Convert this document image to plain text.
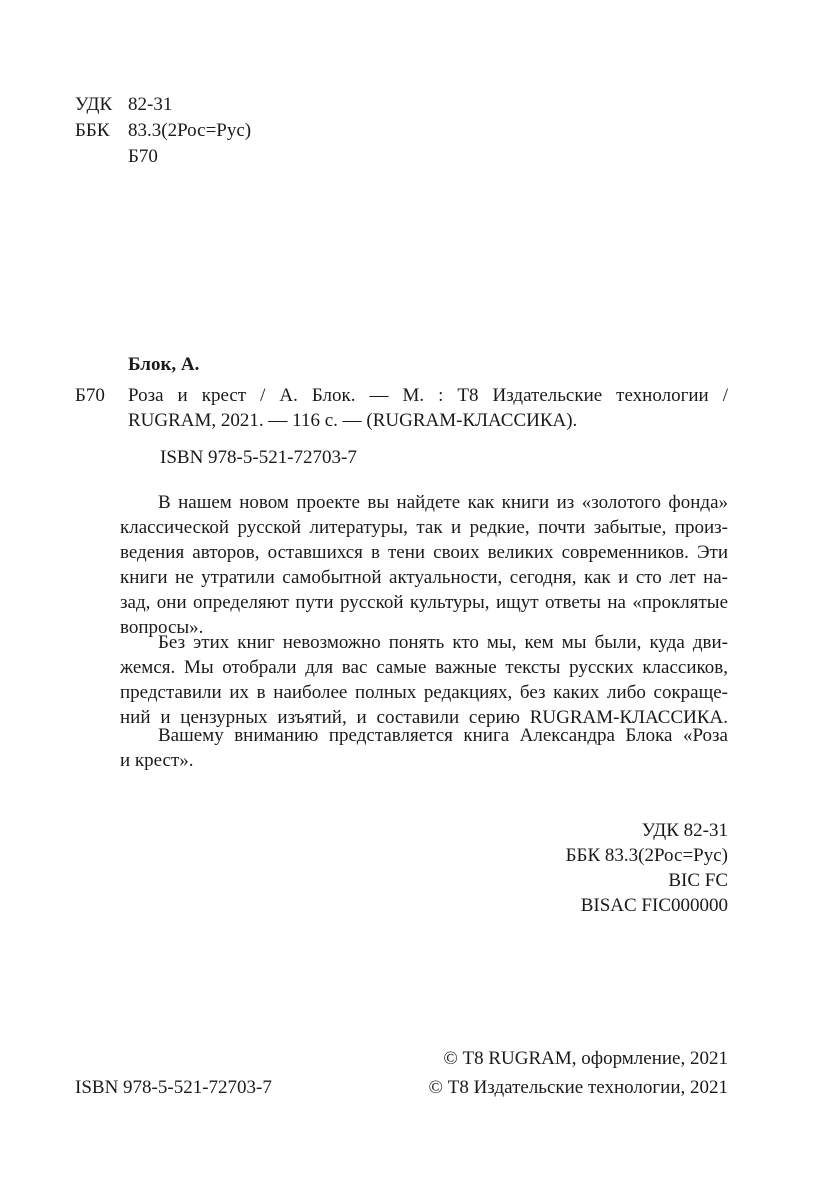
УДК 82-31
ББК 83.3(2Рос=Рус)
Б70
Блок, А.
Б70 Роза и крест / А. Блок. — М. : Т8 Издательские технологии /
RUGRAM, 2021. — 116 с. — (RUGRAM-КЛАССИКА).
ISBN 978-5-521-72703-7
В нашем новом проекте вы найдете как книги из «золотого фонда»
классической русской литературы, так и редкие, почти забытые, произ-
ведения авторов, оставшихся в тени своих великих современников. Эти
книги не утратили самобытной актуальности, сегодня, как и сто лет на-
зад, они определяют пути русской культуры, ищут ответы на «проклятые
вопросы».
Без этих книг невозможно понять кто мы, кем мы были, куда дви-
жемся. Мы отобрали для вас самые важные тексты русских классиков,
представили их в наиболее полных редакциях, без каких либо сокраще-
ний и цензурных изъятий, и составили серию RUGRAM-КЛАССИКА.
Вашему вниманию представляется книга Александра Блока «Роза
и крест».
УДК 82-31
ББК 83.3(2Рос=Рус)
BIC FC
BISAC FIC000000
ISBN 978-5-521-72703-7
© Т8 RUGRAM, оформление, 2021
© Т8 Издательские технологии, 2021
